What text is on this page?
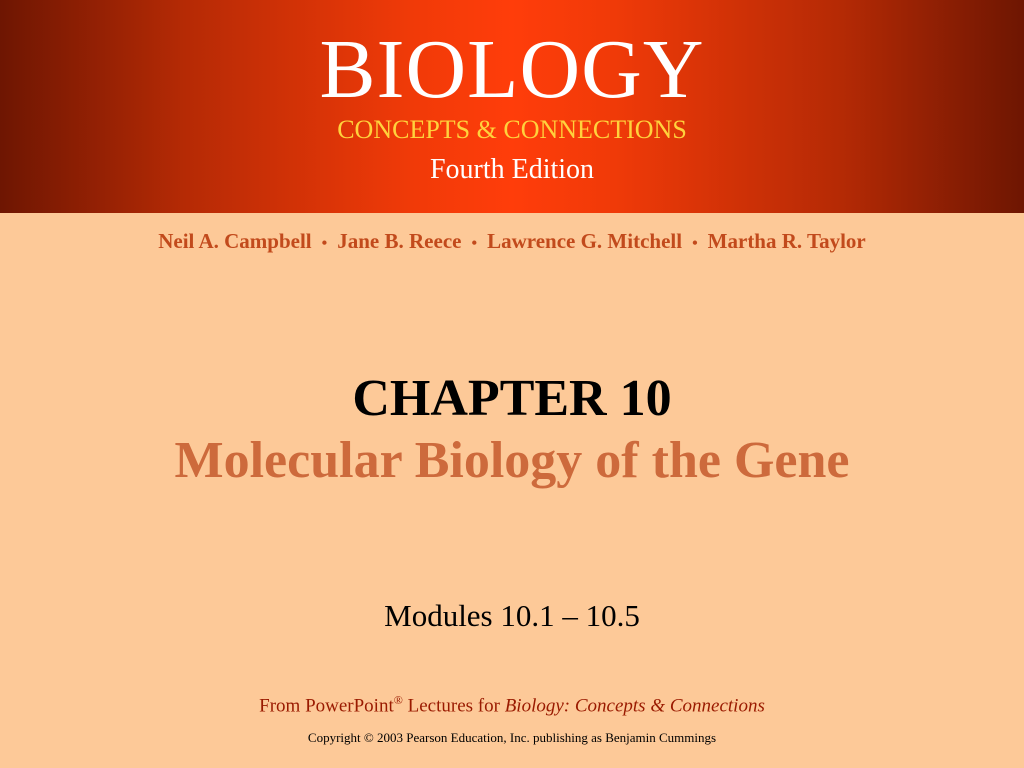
BIOLOGY
CONCEPTS & CONNECTIONS
Fourth Edition
Neil A. Campbell • Jane B. Reece • Lawrence G. Mitchell • Martha R. Taylor
CHAPTER 10
Molecular Biology of the Gene
Modules 10.1 – 10.5
From PowerPoint® Lectures for Biology: Concepts & Connections
Copyright © 2003 Pearson Education, Inc. publishing as Benjamin Cummings
